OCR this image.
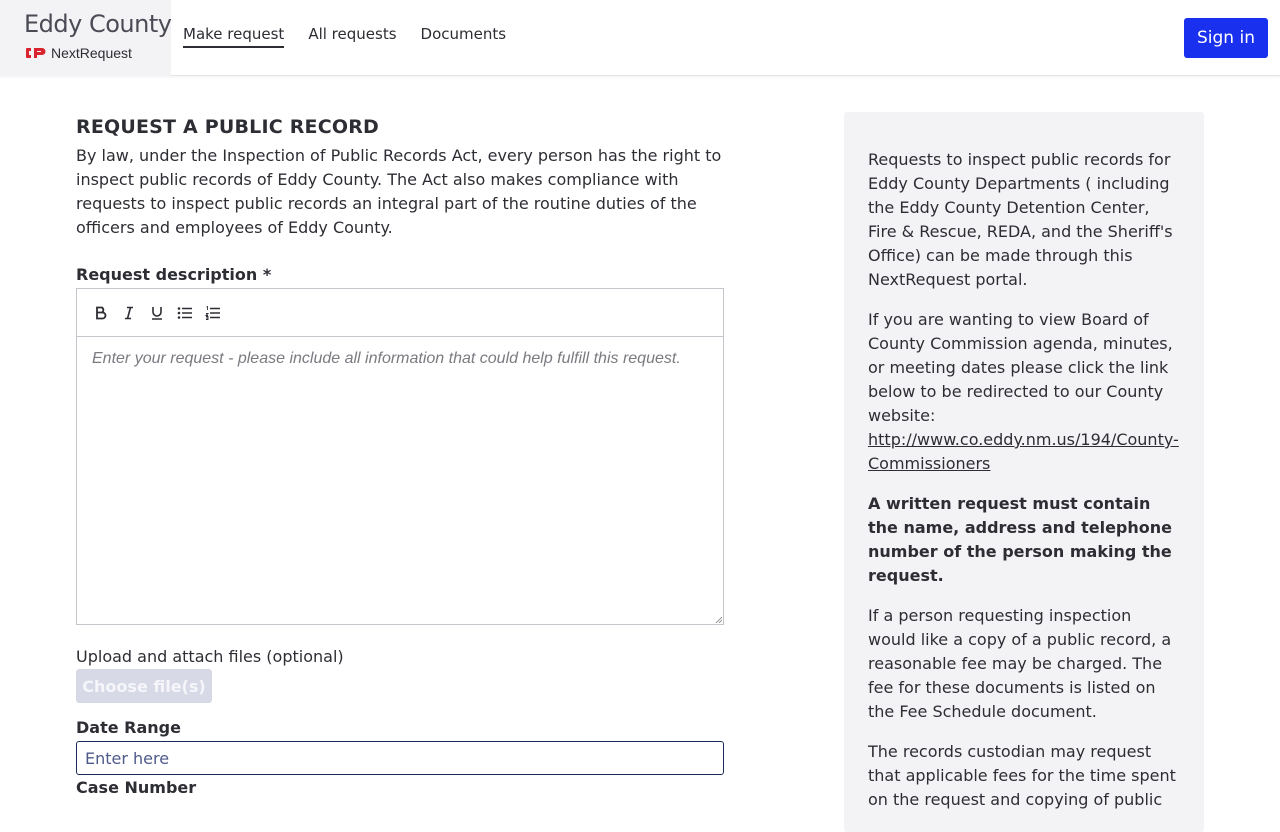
Eddy County
NextRequest
Make request All requests Documents	Sign in
REQUEST A PUBLIC RECORD

By law, under the Inspection of Public Records Act, every person has the right to inspect public records of Eddy County. The Act also makes compliance with requests to inspect public records an integral part of the routine duties of the officers and employees of Eddy County.

Request description *
Enter your request - please include all information that could help fulfill this request.
Upload and attach files (optional)
Choose file(s)
Date Range
Enter here
Case Number

Requests to inspect public records for Eddy County Departments ( including the Eddy County Detention Center, Fire & Rescue, REDA, and the Sheriff's Office) can be made through this NextRequest portal.

If you are wanting to view Board of County Commission agenda, minutes, or meeting dates please click the link below to be redirected to our County website:
http://www.co.eddy.nm.us/194/County-Commissioners

A written request must contain the name, address and telephone number of the person making the request.

If a person requesting inspection would like a copy of a public record, a reasonable fee may be charged. The fee for these documents is listed on the Fee Schedule document.

The records custodian may request that applicable fees for the time spent on the request and copying of public
